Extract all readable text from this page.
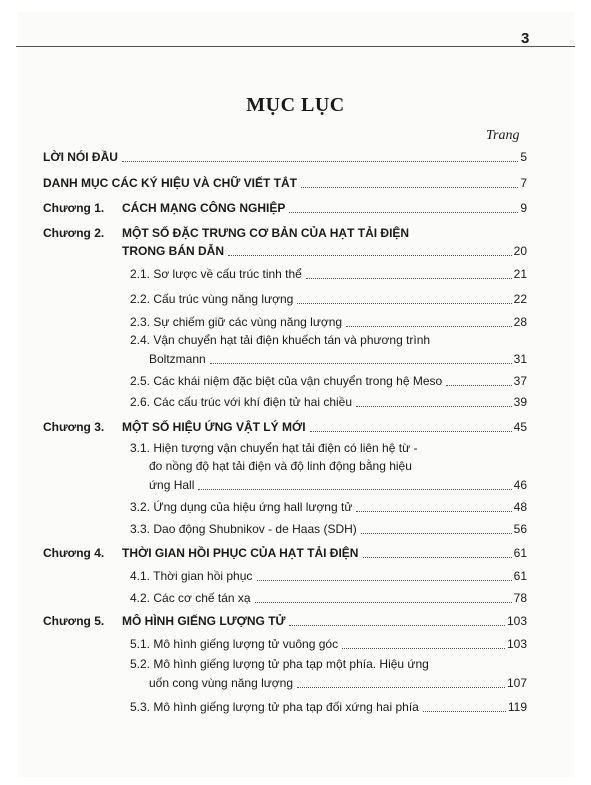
3
MỤC LỤC
Trang
LỜI NÓI ĐẦU	5
DANH MỤC CÁC KÝ HIỆU VÀ CHỮ VIẾT TẮT	7
Chương 1. CÁCH MẠNG CÔNG NGHIỆP	9
Chương 2. MỘT SỐ ĐẶC TRƯNG CƠ BẢN CỦA HẠT TẢI ĐIỆN
TRONG BÁN DẪN	20
2.1. Sơ lược về cấu trúc tinh thể	21
2.2. Cấu trúc vùng năng lượng	22
2.3. Sự chiếm giữ các vùng năng lượng	28
2.4. Vận chuyển hạt tải điện khuếch tán và phương trình
Boltzmann	31
2.5. Các khái niệm đặc biệt của vận chuyển trong hệ Meso	37
2.6. Các cấu trúc với khí điện tử hai chiều	39
Chương 3. MỘT SỐ HIỆU ỨNG VẬT LÝ MỚI	45
3.1. Hiện tượng vận chuyển hạt tải điện có liên hệ từ -
đo nồng độ hạt tải điện và độ linh động bằng hiệu
ứng Hall	46
3.2. Ứng dụng của hiệu ứng hall lượng tử	48
3.3. Dao động Shubnikov - de Haas (SDH)	56
Chương 4. THỜI GIAN HỒI PHỤC CỦA HẠT TẢI ĐIỆN	61
4.1. Thời gian hồi phục	61
4.2. Các cơ chế tán xạ	78
Chương 5. MÔ HÌNH GIẾNG LƯỢNG TỬ	103
5.1. Mô hình giếng lượng tử vuông góc	103
5.2. Mô hình giếng lượng tử pha tạp một phía. Hiệu ứng
uốn cong vùng năng lượng	107
5.3. Mô hình giếng lượng tử pha tạp đối xứng hai phía	119
